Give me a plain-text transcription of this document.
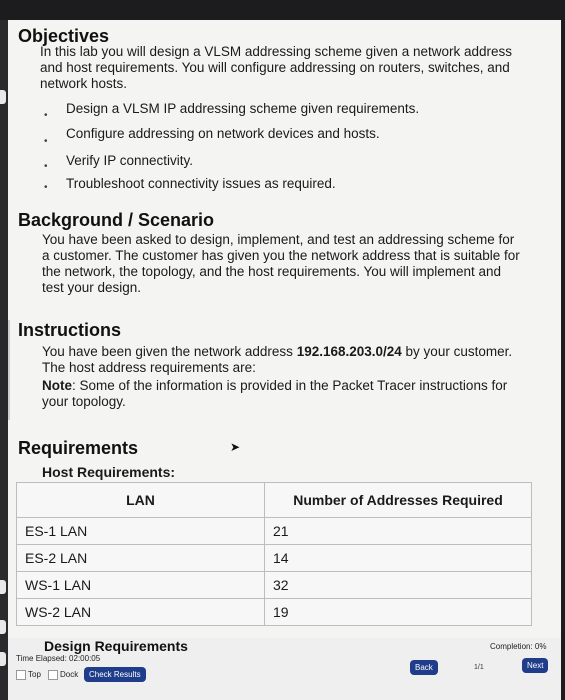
Objectives

In this lab you will design a VLSM addressing scheme given a network address and host requirements. You will configure addressing on routers, switches, and network hosts.

• Design a VLSM IP addressing scheme given requirements.
•
Configure addressing on network devices and hosts.
• Verify IP connectivity.
• Troubleshoot connectivity issues as required.
Background / Scenario

You have been asked to design, implement, and test an addressing scheme for a customer. The customer has given you the network address that is suitable for the network, the topology, and the host requirements. You will implement and test your design.

Instructions

You have been given the network address 192.168.203.0/24 by your customer. The host address requirements are:

Note: Some of the information is provided in the Packet Tracer instructions for your topology.

Requirements
Host Requirements:
➤
LAN	Number of Addresses Required
ES-1 LAN	21
ES-2 LAN	14
WS-1 LAN	32
WS-2 LAN	19
Design Requirements
Time Elapsed: 02:00:05
Top	Dock	Check Results
Completion: 0%
Back	1/1	Next
